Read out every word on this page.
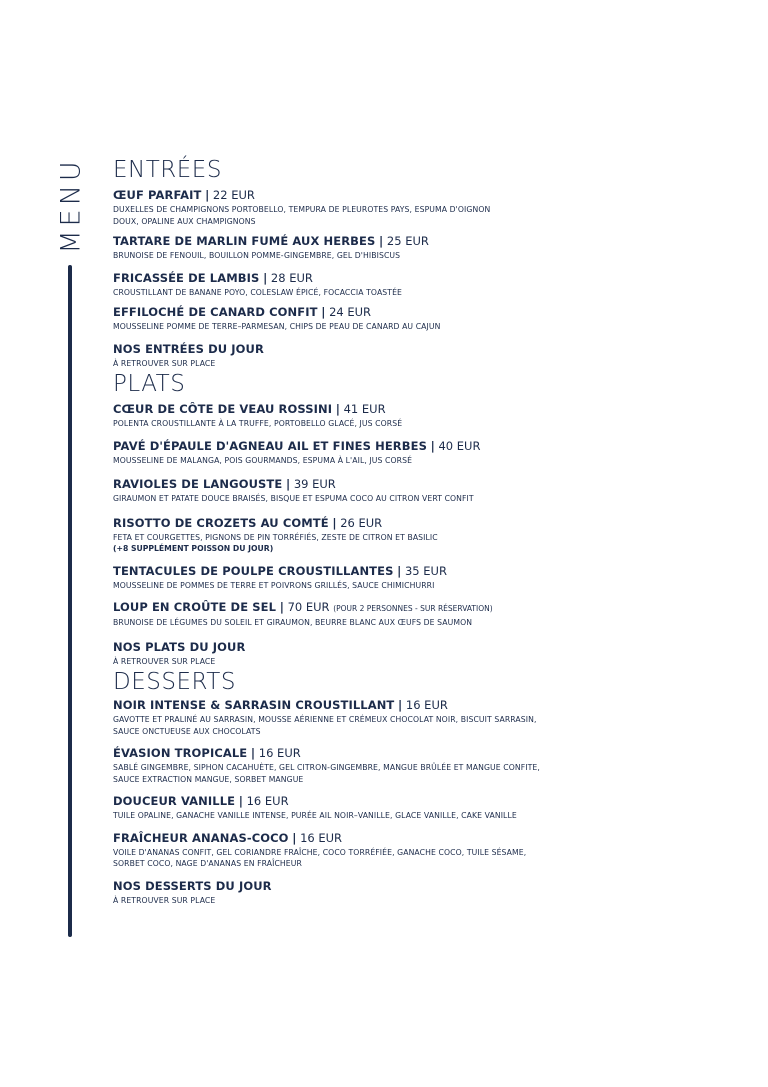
MENU ENTRÉES
ŒUF PARFAIT | 22 EUR
DUXELLES DE CHAMPIGNONS PORTOBELLO, TEMPURA DE PLEUROTES PAYS, ESPUMA D'OIGNON
DOUX, OPALINE AUX CHAMPIGNONS
TARTARE DE MARLIN FUMÉ AUX HERBES | 25 EUR
BRUNOISE DE FENOUIL, BOUILLON POMME-GINGEMBRE, GEL D'HIBISCUS
FRICASSÉE DE LAMBIS | 28 EUR
CROUSTILLANT DE BANANE POYO, COLESLAW ÉPICÉ, FOCACCIA TOASTÉE
EFFILOCHÉ DE CANARD CONFIT | 24 EUR
MOUSSELINE POMME DE TERRE–PARMESAN, CHIPS DE PEAU DE CANARD AU CAJUN
NOS ENTRÉES DU JOUR
À RETROUVER SUR PLACE
PLATS
CŒUR DE CÔTE DE VEAU ROSSINI | 41 EUR
POLENTA CROUSTILLANTE À LA TRUFFE, PORTOBELLO GLACÉ, JUS CORSÉ
PAVÉ D'ÉPAULE D'AGNEAU AIL ET FINES HERBES | 40 EUR
MOUSSELINE DE MALANGA, POIS GOURMANDS, ESPUMA À L'AIL, JUS CORSÉ
RAVIOLES DE LANGOUSTE | 39 EUR
GIRAUMON ET PATATE DOUCE BRAISÉS, BISQUE ET ESPUMA COCO AU CITRON VERT CONFIT
RISOTTO DE CROZETS AU COMTÉ | 26 EUR
FETA ET COURGETTES, PIGNONS DE PIN TORRÉFIÉS, ZESTE DE CITRON ET BASILIC
(+8 SUPPLÉMENT POISSON DU JOUR)
TENTACULES DE POULPE CROUSTILLANTES | 35 EUR
MOUSSELINE DE POMMES DE TERRE ET POIVRONS GRILLÉS, SAUCE CHIMICHURRI
LOUP EN CROÛTE DE SEL | 70 EUR (POUR 2 PERSONNES - SUR RÉSERVATION)
BRUNOISE DE LÉGUMES DU SOLEIL ET GIRAUMON, BEURRE BLANC AUX ŒUFS DE SAUMON
NOS PLATS DU JOUR
À RETROUVER SUR PLACE
DESSERTS
NOIR INTENSE & SARRASIN CROUSTILLANT | 16 EUR
GAVOTTE ET PRALINÉ AU SARRASIN, MOUSSE AÉRIENNE ET CRÉMEUX CHOCOLAT NOIR, BISCUIT SARRASIN,
SAUCE ONCTUEUSE AUX CHOCOLATS
ÉVASION TROPICALE | 16 EUR
SABLÉ GINGEMBRE, SIPHON CACAHUÈTE, GEL CITRON-GINGEMBRE, MANGUE BRÛLÉE ET MANGUE CONFITE,
SAUCE EXTRACTION MANGUE, SORBET MANGUE
DOUCEUR VANILLE | 16 EUR
TUILE OPALINE, GANACHE VANILLE INTENSE, PURÉE AIL NOIR–VANILLE, GLACE VANILLE, CAKE VANILLE
FRAÎCHEUR ANANAS-COCO | 16 EUR
VOILE D'ANANAS CONFIT, GEL CORIANDRE FRAÎCHE, COCO TORRÉFIÉE, GANACHE COCO, TUILE SÉSAME,
SORBET COCO, NAGE D'ANANAS EN FRAÎCHEUR
NOS DESSERTS DU JOUR
À RETROUVER SUR PLACE
